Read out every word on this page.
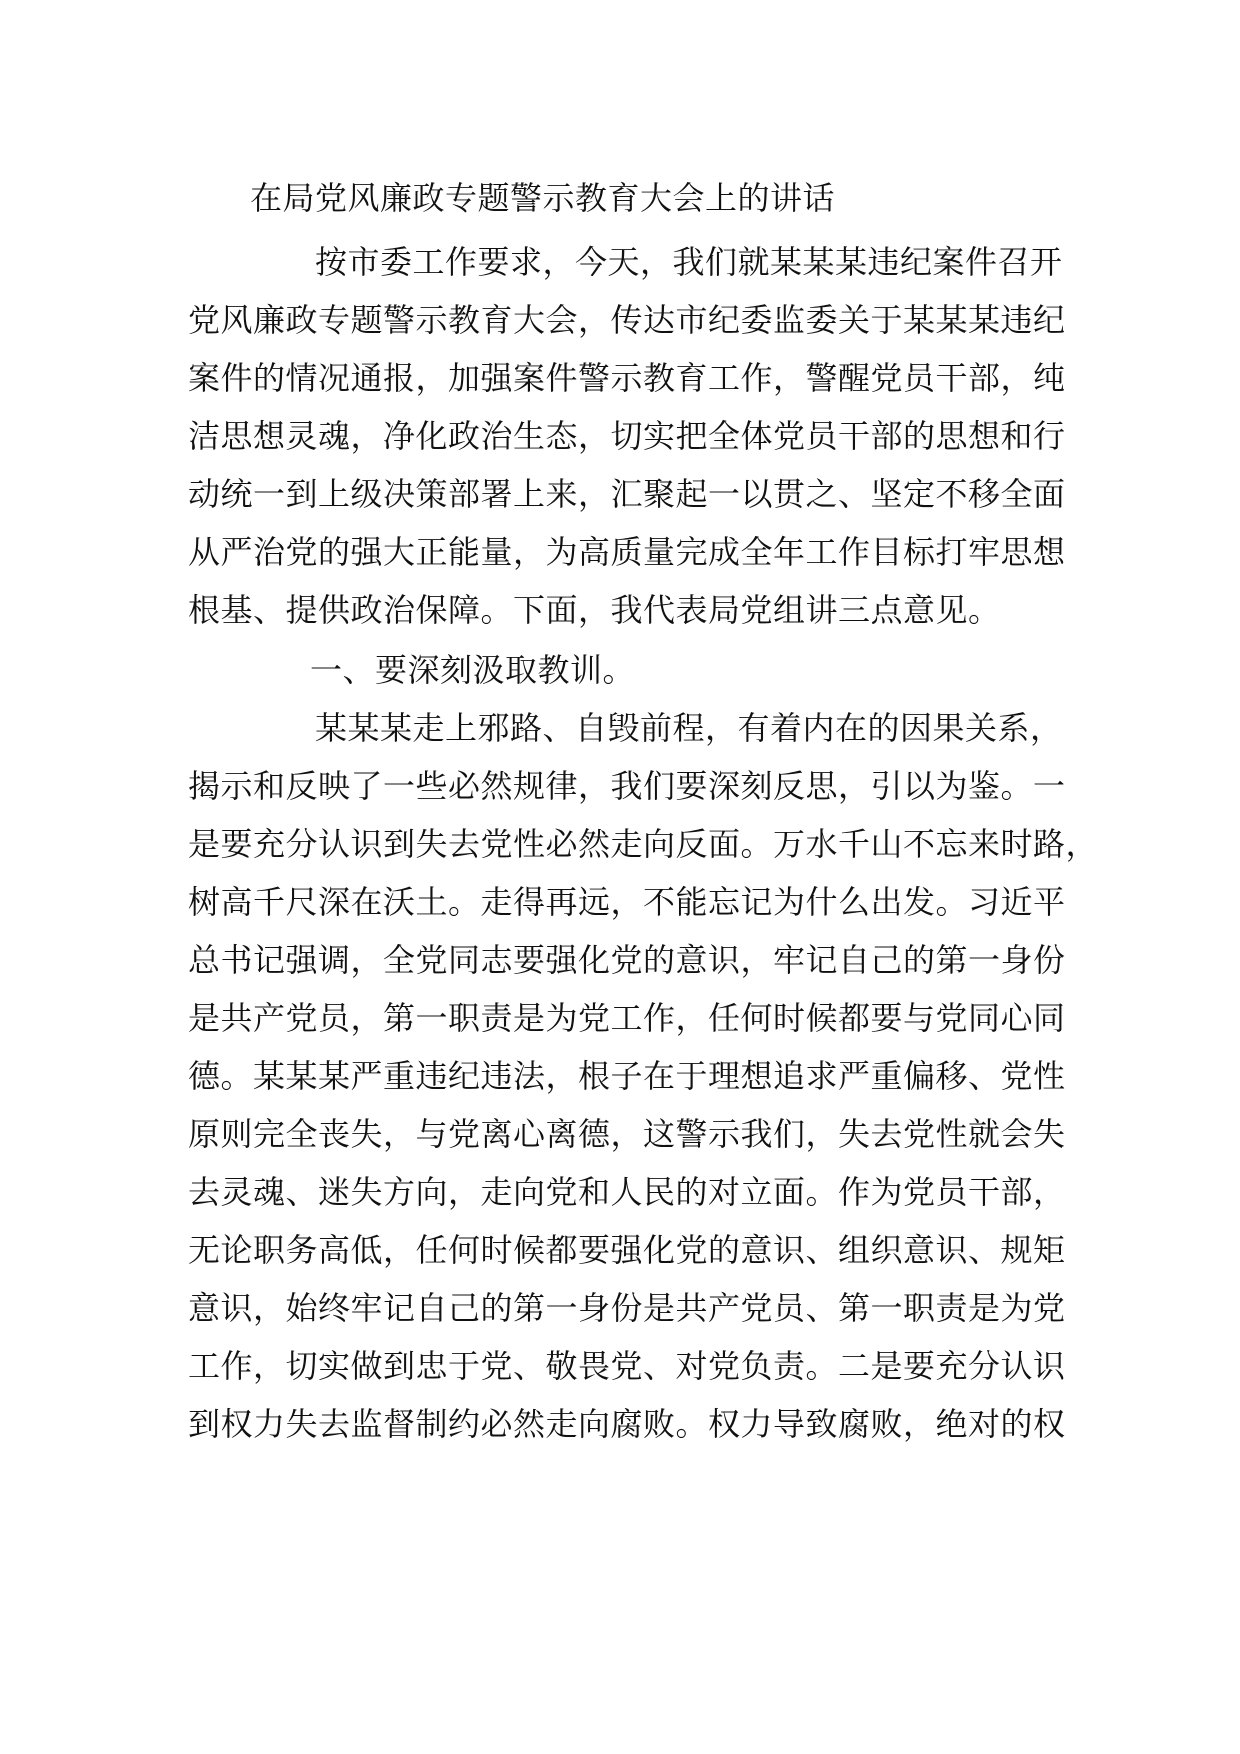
在局党风廉政专题警示教育大会上的讲话
按市委工作要求，今天，我们就某某某违纪案件召开
党风廉政专题警示教育大会，传达市纪委监委关于某某某违纪
案件的情况通报，加强案件警示教育工作，警醒党员干部，纯
洁思想灵魂，净化政治生态，切实把全体党员干部的思想和行
动统一到上级决策部署上来，汇聚起一以贯之、坚定不移全面
从严治党的强大正能量，为高质量完成全年工作目标打牢思想
根基、提供政治保障。下面，我代表局党组讲三点意见。
一、要深刻汲取教训。
某某某走上邪路、自毁前程，有着内在的因果关系，
揭示和反映了一些必然规律，我们要深刻反思，引以为鉴。一
是要充分认识到失去党性必然走向反面。万水千山不忘来时路，
树高千尺深在沃土。走得再远，不能忘记为什么出发。习近平
总书记强调，全党同志要强化党的意识，牢记自己的第一身份
是共产党员，第一职责是为党工作，任何时候都要与党同心同
德。某某某严重违纪违法，根子在于理想追求严重偏移、党性
原则完全丧失，与党离心离德，这警示我们，失去党性就会失
去灵魂、迷失方向，走向党和人民的对立面。作为党员干部，
无论职务高低，任何时候都要强化党的意识、组织意识、规矩
意识，始终牢记自己的第一身份是共产党员、第一职责是为党
工作，切实做到忠于党、敬畏党、对党负责。二是要充分认识
到权力失去监督制约必然走向腐败。权力导致腐败，绝对的权
